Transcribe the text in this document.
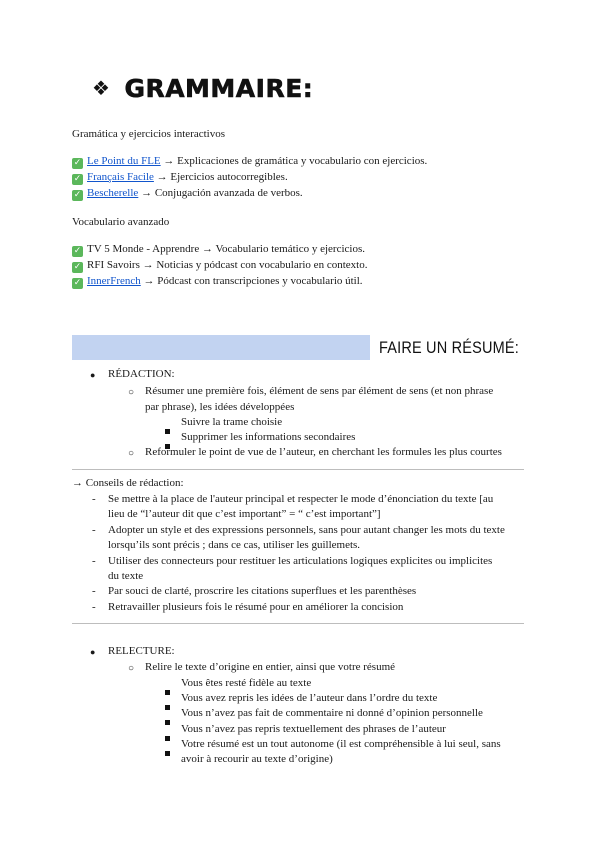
❖ GRAMMAIRE:
Gramática y ejercicios interactivos
✓ Le Point du FLE → Explicaciones de gramática y vocabulario con ejercicios.
✓ Français Facile → Ejercicios autocorregibles.
✓ Bescherelle → Conjugación avanzada de verbos.
Vocabulario avanzado
✓ TV 5 Monde - Apprendre → Vocabulario temático y ejercicios.
✓ RFI Savoirs → Noticias y pódcast con vocabulario en contexto.
✓ InnerFrench → Pódcast con transcripciones y vocabulario útil.
FAIRE UN RÉSUMÉ:
● RÉDACTION:
○ Résumer une première fois, élément de sens par élément de sens (et non phrase
par phrase), les idées développées
Suivre la trame choisie
Supprimer les informations secondaires
○ Reformuler le point de vue de l’auteur, en cherchant les formules les plus courtes
→ Conseils de rédaction:
- Se mettre à la place de l'auteur principal et respecter le mode d’énonciation du texte [au
lieu de “l’auteur dit que c’est important” = “ c’est important”]
- Adopter un style et des expressions personnels, sans pour autant changer les mots du texte
lorsqu’ils sont précis ; dans ce cas, utiliser les guillemets.
- Utiliser des connecteurs pour restituer les articulations logiques explicites ou implicites
du texte
- Par souci de clarté, proscrire les citations superflues et les parenthèses
- Retravailler plusieurs fois le résumé pour en améliorer la concision
● RELECTURE:
○ Relire le texte d’origine en entier, ainsi que votre résumé
Vous êtes resté fidèle au texte
Vous avez repris les idées de l’auteur dans l’ordre du texte
Vous n’avez pas fait de commentaire ni donné d’opinion personnelle
Vous n’avez pas repris textuellement des phrases de l’auteur
Votre résumé est un tout autonome (il est compréhensible à lui seul, sans
avoir à recourir au texte d’origine)
